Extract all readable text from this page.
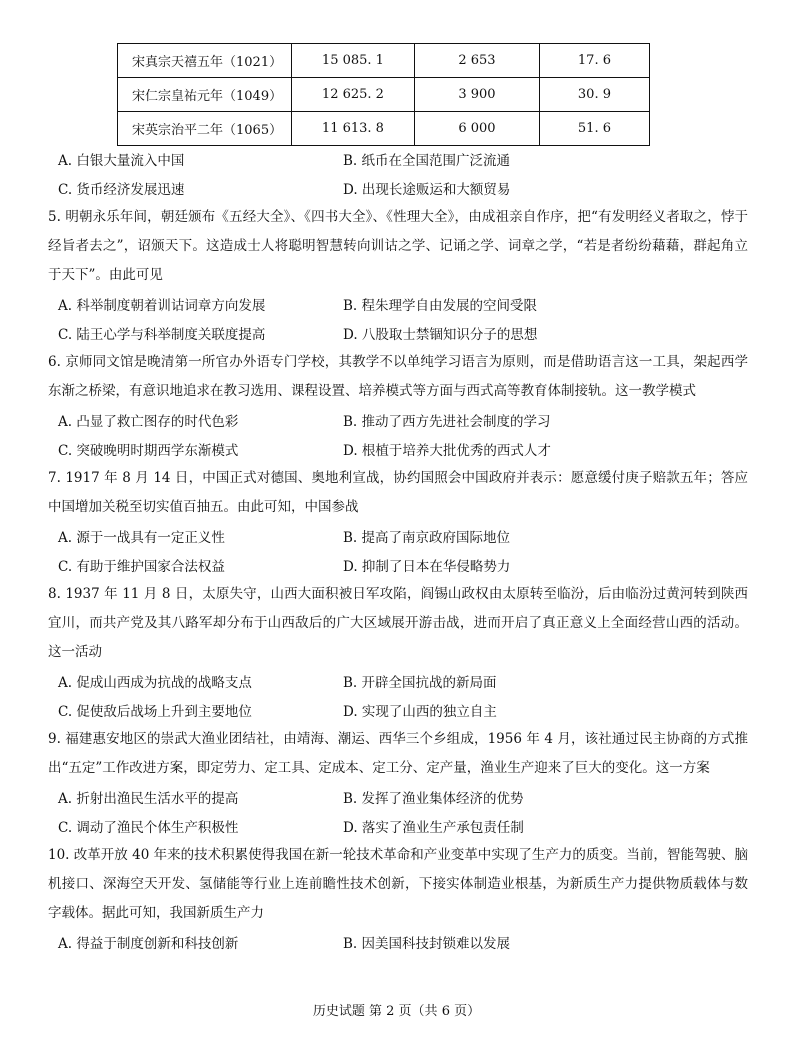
宋真宗天禧五年（1021）	15 085. 1	2 653	17. 6
宋仁宗皇祐元年（1049）	12 625. 2	3 900	30. 9
宋英宗治平二年（1065）	11 613. 8	6 000	51. 6
A. 白银大量流入中国	B. 纸币在全国范围广泛流通
C. 货币经济发展迅速	D. 出现长途贩运和大额贸易
5. 明朝永乐年间，朝廷颁布《五经大全》、《四书大全》、《性理大全》，由成祖亲自作序，把“有发明经义者取之，悖于经旨者去之”，诏颁天下。这造成士人将聪明智慧转向训诂之学、记诵之学、词章之学，“若是者纷纷藉藉，群起角立于天下”。由此可见
A. 科举制度朝着训诂词章方向发展	B. 程朱理学自由发展的空间受限
C. 陆王心学与科举制度关联度提高	D. 八股取士禁锢知识分子的思想
6. 京师同文馆是晚清第一所官办外语专门学校，其教学不以单纯学习语言为原则，而是借助语言这一工具，架起西学东渐之桥梁，有意识地追求在教习选用、课程设置、培养模式等方面与西式高等教育体制接轨。这一教学模式
A. 凸显了救亡图存的时代色彩	B. 推动了西方先进社会制度的学习
C. 突破晚明时期西学东渐模式	D. 根植于培养大批优秀的西式人才
7. 1917 年 8 月 14 日，中国正式对德国、奥地利宣战，协约国照会中国政府并表示：愿意缓付庚子赔款五年；答应中国增加关税至切实值百抽五。由此可知，中国参战
A. 源于一战具有一定正义性	B. 提高了南京政府国际地位
C. 有助于维护国家合法权益	D. 抑制了日本在华侵略势力
8. 1937 年 11 月 8 日，太原失守，山西大面积被日军攻陷，阎锡山政权由太原转至临汾，后由临汾过黄河转到陕西宜川，而共产党及其八路军却分布于山西敌后的广大区域展开游击战，进而开启了真正意义上全面经营山西的活动。这一活动
A. 促成山西成为抗战的战略支点	B. 开辟全国抗战的新局面
C. 促使敌后战场上升到主要地位	D. 实现了山西的独立自主
9. 福建惠安地区的崇武大渔业团结社，由靖海、潮运、西华三个乡组成，1956 年 4 月，该社通过民主协商的方式推出“五定”工作改进方案，即定劳力、定工具、定成本、定工分、定产量，渔业生产迎来了巨大的变化。这一方案
A. 折射出渔民生活水平的提高	B. 发挥了渔业集体经济的优势
C. 调动了渔民个体生产积极性	D. 落实了渔业生产承包责任制
10. 改革开放 40 年来的技术积累使得我国在新一轮技术革命和产业变革中实现了生产力的质变。当前，智能驾驶、脑机接口、深海空天开发、氢储能等行业上连前瞻性技术创新，下接实体制造业根基，为新质生产力提供物质载体与数字载体。据此可知，我国新质生产力
A. 得益于制度创新和科技创新	B. 因美国科技封锁难以发展
历史试题 第 2 页（共 6 页）
